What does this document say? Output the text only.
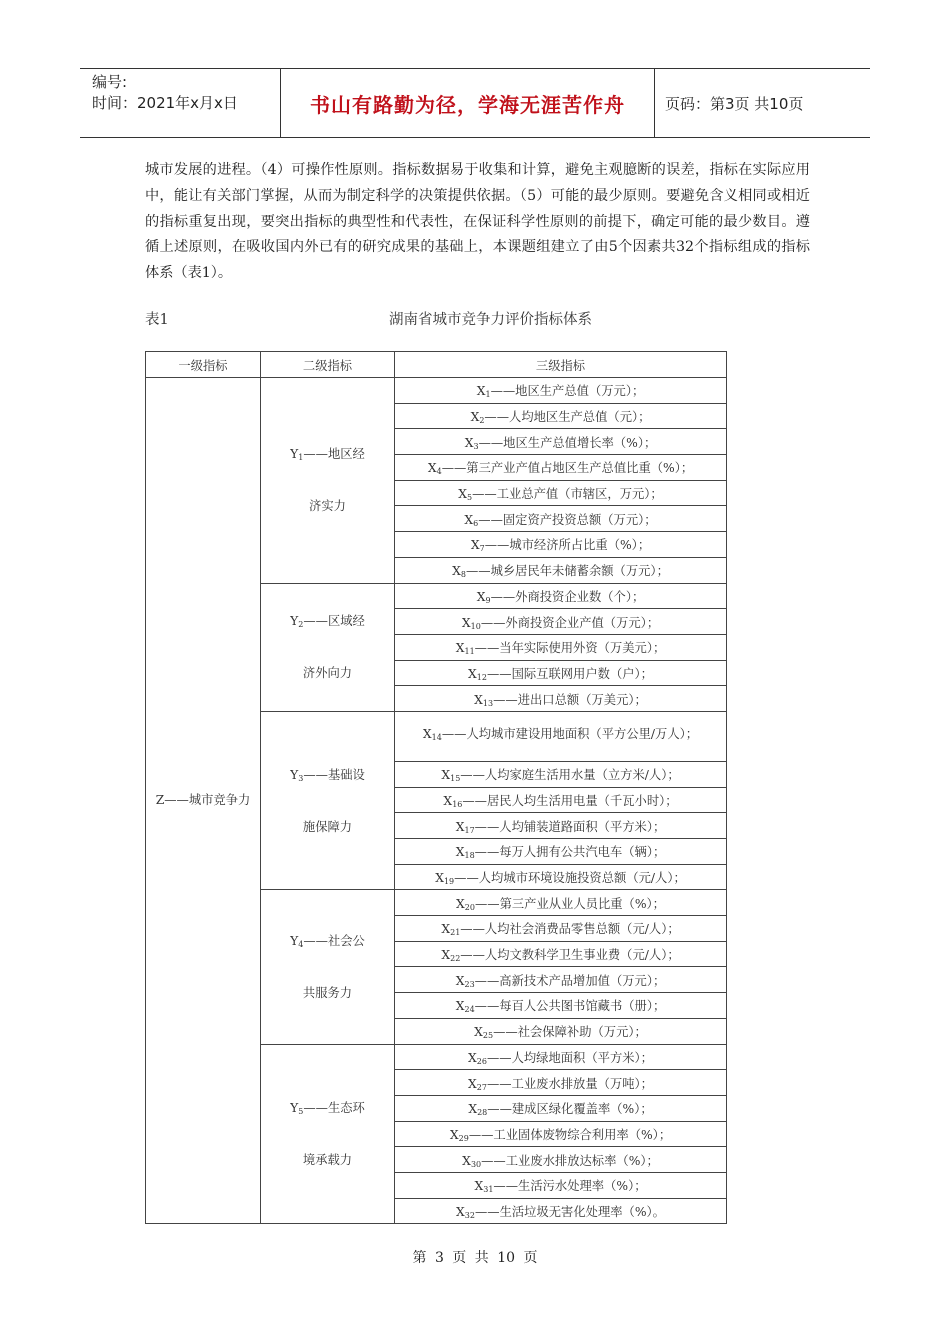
编号:
时间：2021年x月x日	书山有路勤为径，学海无涯苦作舟	页码：第3页 共10页

城市发展的进程。（4）可操作性原则。指标数据易于收集和计算，避免主观臆断的误差，指标在实际应用中，能让有关部门掌握，从而为制定科学的决策提供依据。（5）可能的最少原则。要避免含义相同或相近的指标重复出现，要突出指标的典型性和代表性，在保证科学性原则的前提下，确定可能的最少数目。遵循上述原则，在吸收国内外已有的研究成果的基础上，本课题组建立了由5个因素共32个指标组成的指标体系（表1）。

表1	湖南省城市竞争力评价指标体系
一级指标	二级指标	三级指标
Z——城市竞争力	$Y_1——$地区经济实力	$X_1——$地区生产总值（万元）；
		$X_2——$人均地区生产总值（元）；
		$X_3——$地区生产总值增长率（%）；
		$X_4——$第三产业产值占地区生产总值比重（%）；
		$X_5——$工业总产值（市辖区，万元）；
		$X_6——$固定资产投资总额（万元）；
		$X_7——$城市经济所占比重（%）；
		$X_8——$城乡居民年未储蓄余额（万元）；
	$Y_2——$区域经济外向力	$X_9——$外商投资企业数（个）；
		$X_{10}——$外商投资企业产值（万元）；
		$X_{11}——$当年实际使用外资（万美元）；
		$X_{12}——$国际互联网用户数（户）；
		$X_{13}——$进出口总额（万美元）；
	$Y_3——$基础设施保障力	$X_{14}——$人均城市建设用地面积（平方公里/万人）；

		$X_{15}——$人均家庭生活用水量（立方米/人）；
		$X_{16}——$居民人均生活用电量（千瓦小时）；
		$X_{17}——$人均铺装道路面积（平方米）；
		$X_{18}——$每万人拥有公共汽电车（辆）；
		$X_{19}——$人均城市环境设施投资总额（元/人）；
	$Y_4——$社会公共服务力	$X_{20}——$第三产业从业人员比重（%）；
		$X_{21}——$人均社会消费品零售总额（元/人）；
		$X_{22}——$人均文教科学卫生事业费（元/人）；
		$X_{23}——$高新技术产品增加值（万元）；
		$X_{24}——$每百人公共图书馆藏书（册）；
		$X_{25}——$社会保障补助（万元）；
	$Y_5——$生态环境承载力	$X_{26}——$人均绿地面积（平方米）；
		$X_{27}——$工业废水排放量（万吨）；
		$X_{28}——$建成区绿化覆盖率（%）；
		$X_{29}——$工业固体废物综合利用率（%）；
		$X_{30}——$工业废水排放达标率（%）；
		$X_{31}——$生活污水处理率（%）；
		$X_{32}——$生活垃圾无害化处理率（%）。
第 3 页 共 10 页
